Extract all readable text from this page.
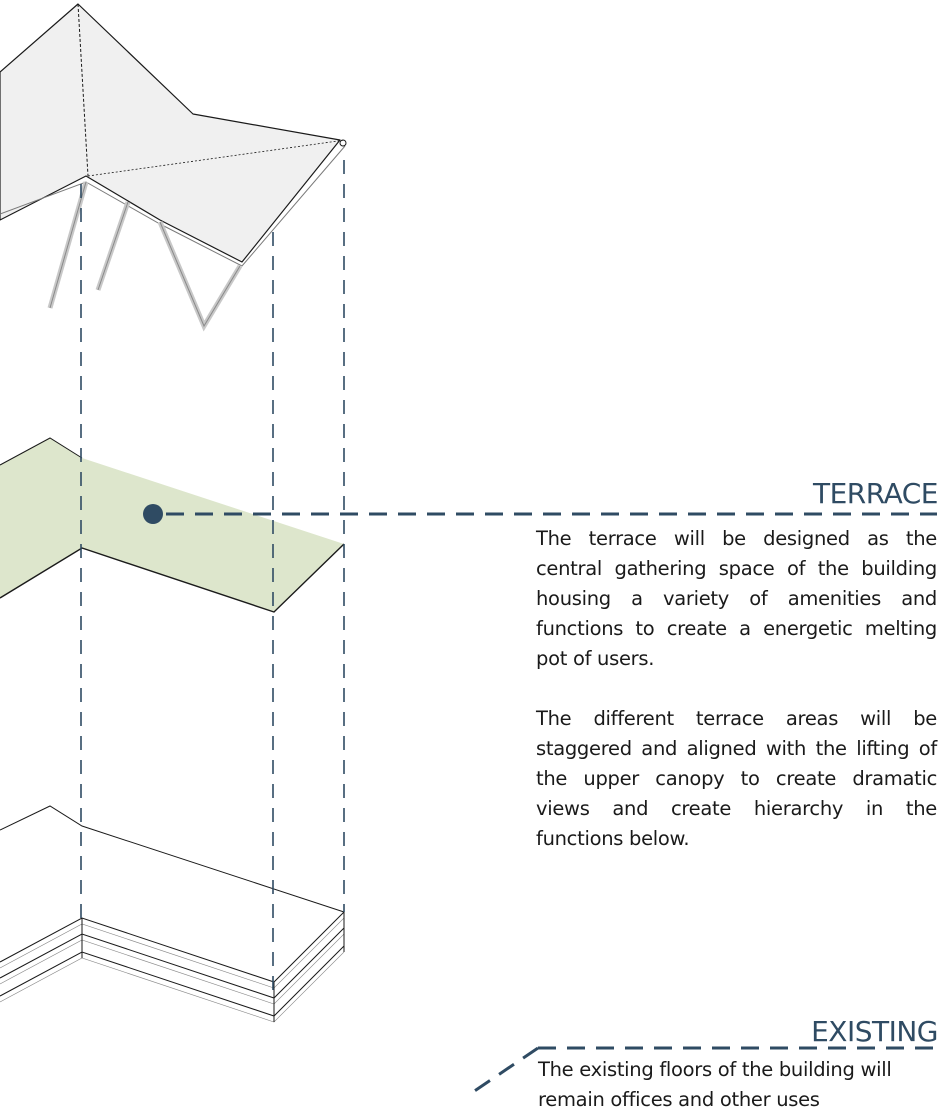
TERRACE

The terrace will be designed as the central gathering space of the building housing a variety of amenities and functions to create a energetic melting pot of users.

The different terrace areas will be staggered and aligned with the lifting of the upper canopy to create dramatic views and create hierarchy in the functions below.

EXISTING

The existing floors of the building will

remain offices and other uses
